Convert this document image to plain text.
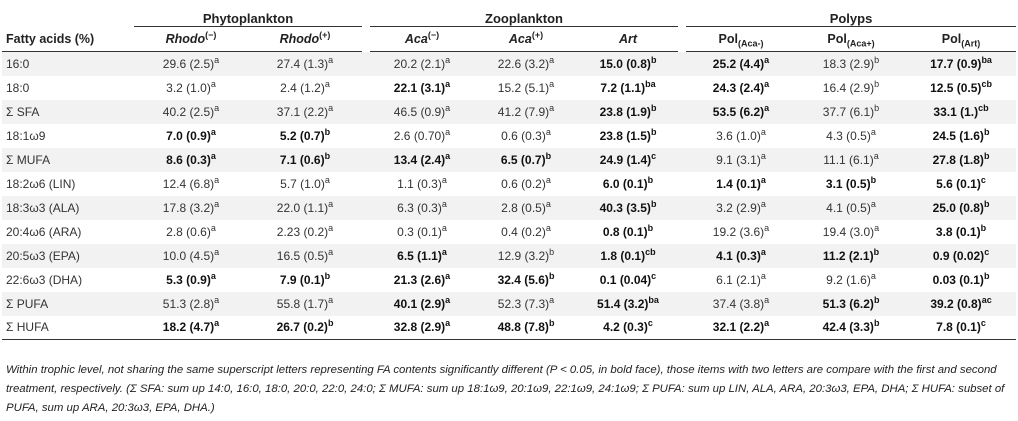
	Phytoplankton			Zooplankton				Polyps		
Fatty acids (%)	Rhodo(−)	Rhodo(+)		Aca(−)	Aca(+)	Art		Pol$_{(Aca-)}$	Pol$_{(Aca+)}$	Pol$_{(Art)}$
16:0	29.6 $(2.5)^a$	27.4 $(1.3)^a$		20.2 $(2.1)^a$	22.6 $(3.2)^a$	15.0 $(0.8)^b$		25.2 $(4.4)^a$	18.3 $(2.9)^b$	17.7 $(0.9)^{ba}$
18:0	3.2 $(1.0)^a$	2.4 $(1.2)^a$		22.1 $(3.1)^a$	15.2 $(5.1)^a$	7.2 $(1.1)^{ba}$		24.3 $(2.4)^a$	16.4 $(2.9)^b$	12.5 $(0.5)^{cb}$
Σ SFA	40.2 $(2.5)^a$	37.1 $(2.2)^a$		46.5 $(0.9)^a$	41.2 $(7.9)^a$	23.8 $(1.9)^b$		53.5 $(6.2)^a$	37.7 $(6.1)^b$	33.1 $(1.)^{cb}$
18:1ω9	7.0 $(0.9)^a$	5.2 $(0.7)^b$		2.6 $(0.70)^a$	0.6 $(0.3)^a$	23.8 $(1.5)^b$		3.6 $(1.0)^a$	4.3 $(0.5)^a$	24.5 $(1.6)^b$
Σ MUFA	8.6 $(0.3)^a$	7.1 $(0.6)^b$		13.4 $(2.4)^a$	6.5 $(0.7)^b$	24.9 $(1.4)^c$		9.1 $(3.1)^a$	11.1 $(6.1)^a$	27.8 $(1.8)^b$
18:2ω6 (LIN)	12.4 $(6.8)^a$	5.7 $(1.0)^a$		1.1 $(0.3)^a$	0.6 $(0.2)^a$	6.0 $(0.1)^b$		1.4 $(0.1)^a$	3.1 $(0.5)^b$	5.6 $(0.1)^c$
18:3ω3 (ALA)	17.8 $(3.2)^a$	22.0 $(1.1)^a$		6.3 $(0.3)^a$	2.8 $(0.5)^a$	40.3 $(3.5)^b$		3.2 $(2.9)^a$	4.1 $(0.5)^a$	25.0 $(0.8)^b$
20:4ω6 (ARA)	2.8 $(0.6)^a$	2.23 $(0.2)^a$		0.3 $(0.1)^a$	0.4 $(0.2)^a$	0.8 $(0.1)^b$		19.2 $(3.6)^a$	19.4 $(3.0)^a$	3.8 $(0.1)^b$
20:5ω3 (EPA)	10.0 $(4.5)^a$	16.5 $(0.5)^a$		6.5 $(1.1)^a$	12.9 $(3.2)^b$	1.8 $(0.1)^{cb}$		4.1 $(0.3)^a$	11.2 $(2.1)^b$	0.9 $(0.02)^c$
22:6ω3 (DHA)	5.3 $(0.9)^a$	7.9 $(0.1)^b$		21.3 $(2.6)^a$	32.4 $(5.6)^b$	0.1 $(0.04)^c$		6.1 $(2.1)^a$	9.2 $(1.6)^a$	0.03 $(0.1)^b$
Σ PUFA	51.3 $(2.8)^a$	55.8 $(1.7)^a$		40.1 $(2.9)^a$	52.3 $(7.3)^a$	51.4 $(3.2)^{ba}$		37.4 $(3.8)^a$	51.3 $(6.2)^b$	39.2 $(0.8)^{ac}$
Σ HUFA	18.2 $(4.7)^a$	26.7 $(0.2)^b$		32.8 $(2.9)^a$	48.8 $(7.8)^b$	4.2 $(0.3)^c$		32.1 $(2.2)^a$	42.4 $(3.3)^b$	7.8 $(0.1)^c$
Within trophic level, not sharing the same superscript letters representing FA contents significantly different (P < 0.05, in bold face), those items with two letters are compare with the first and second treatment, respectively. (Σ SFA: sum up 14:0, 16:0, 18:0, 20:0, 22:0, 24:0; Σ MUFA: sum up 18:1ω9, 20:1ω9, 22:1ω9, 24:1ω9; Σ PUFA: sum up LIN, ALA, ARA, 20:3ω3, EPA, DHA; Σ HUFA: subset of PUFA, sum up ARA, 20:3ω3, EPA, DHA.)
